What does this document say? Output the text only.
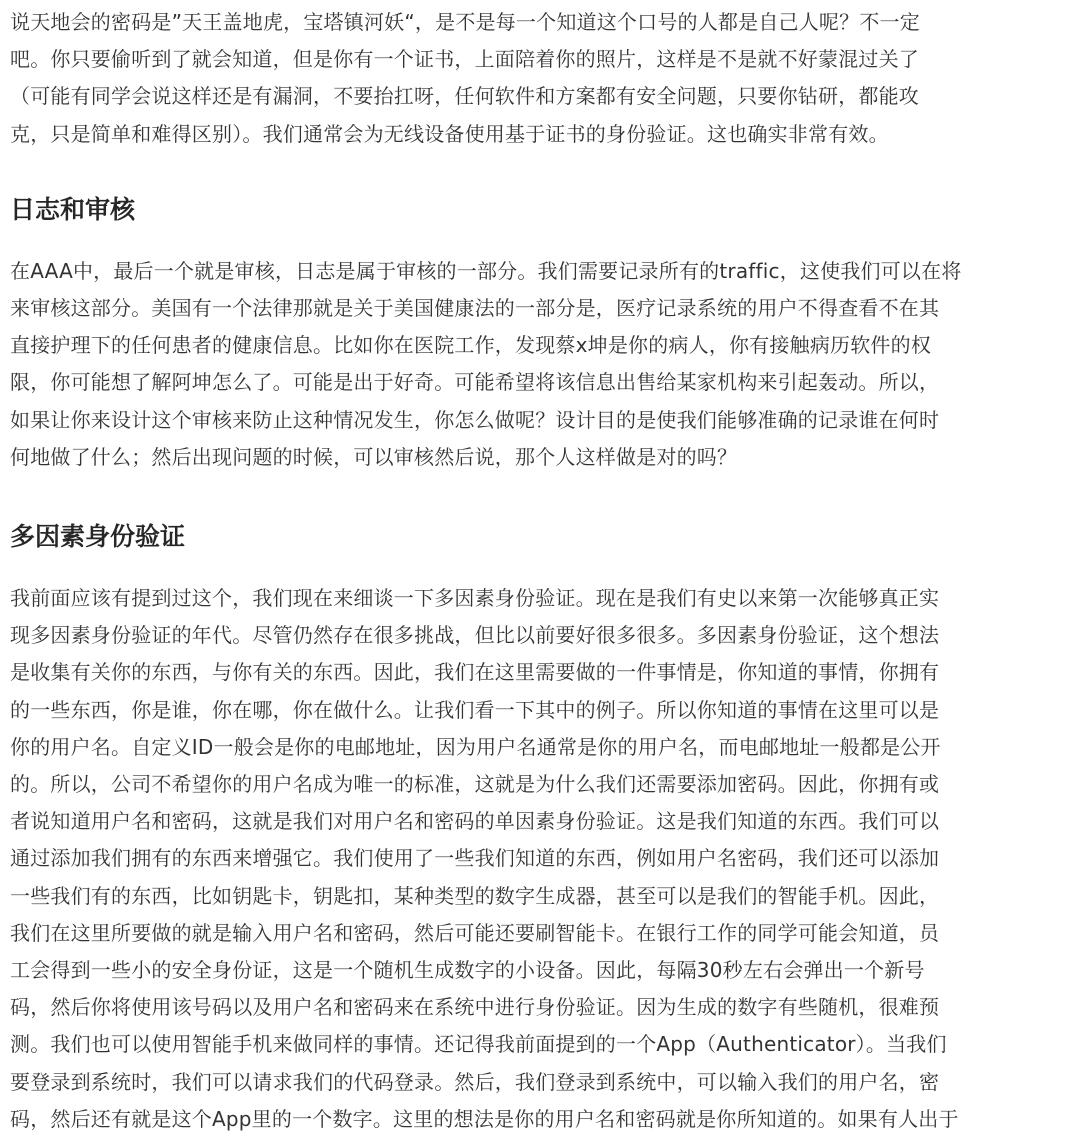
说天地会的密码是”天王盖地虎，宝塔镇河妖“，是不是每一个知道这个口号的人都是自己人呢？不一定
吧。你只要偷听到了就会知道，但是你有一个证书，上面陪着你的照片，这样是不是就不好蒙混过关了
（可能有同学会说这样还是有漏洞，不要抬扛呀，任何软件和方案都有安全问题，只要你钻研，都能攻
克，只是简单和难得区别）。我们通常会为无线设备使用基于证书的身份验证。这也确实非常有效。

日志和审核

在AAA中，最后一个就是审核，日志是属于审核的一部分。我们需要记录所有的traffic，这使我们可以在将
来审核这部分。美国有一个法律那就是关于美国健康法的一部分是，医疗记录系统的用户不得查看不在其
直接护理下的任何患者的健康信息。比如你在医院工作，发现蔡x坤是你的病人，你有接触病历软件的权
限，你可能想了解阿坤怎么了。可能是出于好奇。可能希望将该信息出售给某家机构来引起轰动。所以，
如果让你来设计这个审核来防止这种情况发生，你怎么做呢？设计目的是使我们能够准确的记录谁在何时
何地做了什么；然后出现问题的时候，可以审核然后说，那个人这样做是对的吗？

多因素身份验证

我前面应该有提到过这个，我们现在来细谈一下多因素身份验证。现在是我们有史以来第一次能够真正实
现多因素身份验证的年代。尽管仍然存在很多挑战，但比以前要好很多很多。多因素身份验证，这个想法
是收集有关你的东西，与你有关的东西。因此，我们在这里需要做的一件事情是，你知道的事情，你拥有
的一些东西，你是谁，你在哪，你在做什么。让我们看一下其中的例子。所以你知道的事情在这里可以是
你的用户名。自定义ID一般会是你的电邮地址，因为用户名通常是你的用户名，而电邮地址一般都是公开
的。所以，公司不希望你的用户名成为唯一的标准，这就是为什么我们还需要添加密码。因此，你拥有或
者说知道用户名和密码，这就是我们对用户名和密码的单因素身份验证。这是我们知道的东西。我们可以
通过添加我们拥有的东西来增强它。我们使用了一些我们知道的东西，例如用户名密码，我们还可以添加
一些我们有的东西，比如钥匙卡，钥匙扣，某种类型的数字生成器，甚至可以是我们的智能手机。因此，
我们在这里所要做的就是输入用户名和密码，然后可能还要刷智能卡。在银行工作的同学可能会知道，员
工会得到一些小的安全身份证，这是一个随机生成数字的小设备。因此，每隔30秒左右会弹出一个新号
码，然后你将使用该号码以及用户名和密码来在系统中进行身份验证。因为生成的数字有些随机，很难预
测。我们也可以使用智能手机来做同样的事情。还记得我前面提到的一个App（Authenticator）。当我们
要登录到系统时，我们可以请求我们的代码登录。然后，我们登录到系统中，可以输入我们的用户名，密
码，然后还有就是这个App里的一个数字。这里的想法是你的用户名和密码就是你所知道的。如果有人出于
